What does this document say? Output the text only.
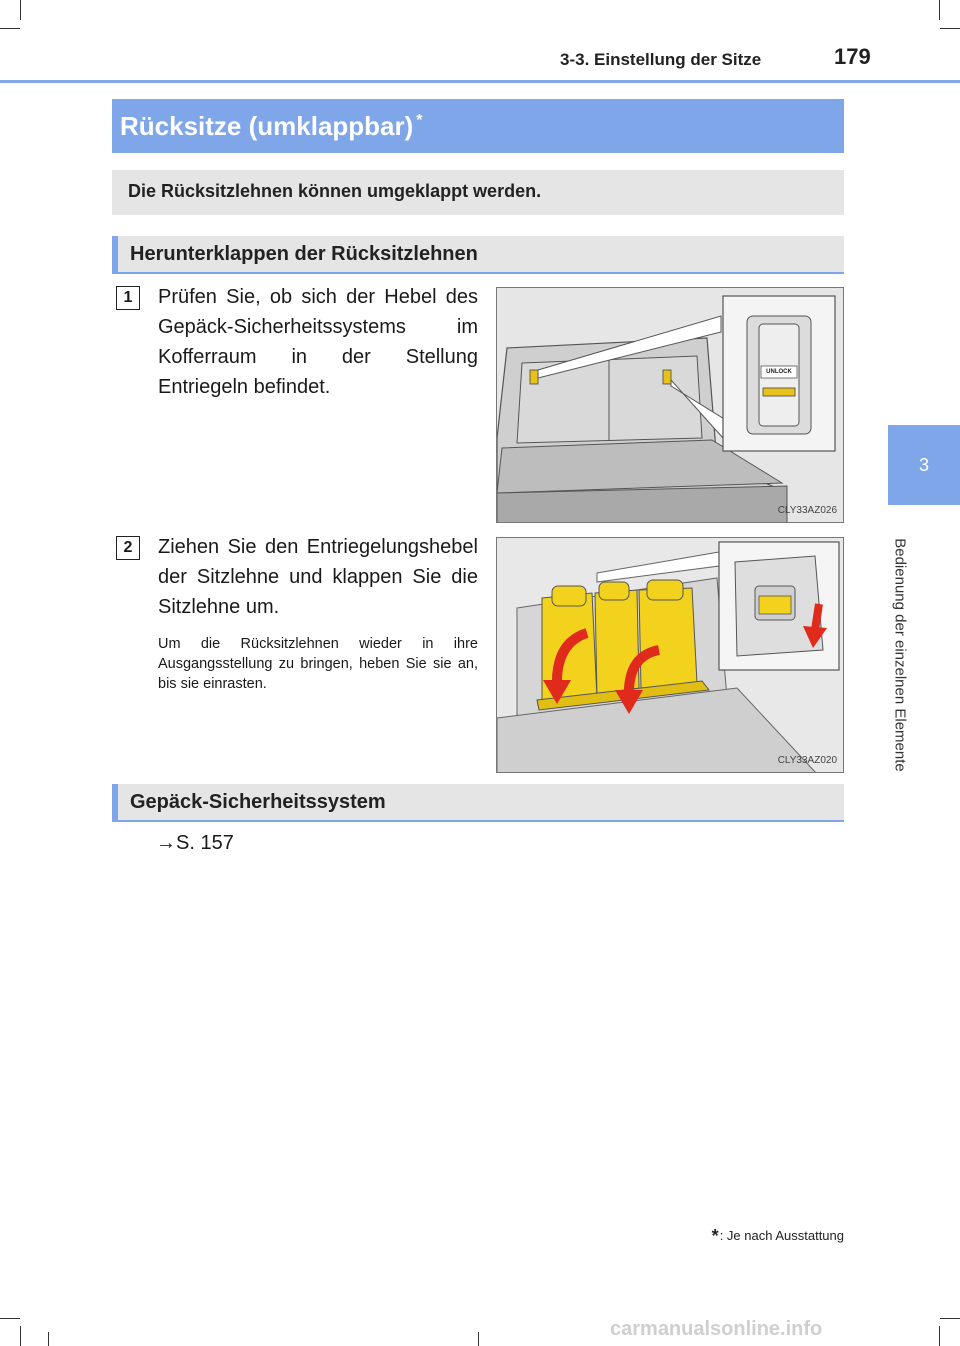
3-3. Einstellung der Sitze	179
3
Bedienung der einzelnen Elemente
Rücksitze (umklappbar) *
Die Rücksitzlehnen können umgeklappt werden.
Herunterklappen der Rücksitzlehnen
1	Prüfen Sie, ob sich der Hebel des Gepäck-Sicherheitssystems im Kofferraum in der Stellung Entriegeln befindet.
UNLOCK
CLY33AZ026
2	Ziehen Sie den Entriegelungshebel der Sitzlehne und klappen Sie die Sitzlehne um.
Um die Rücksitzlehnen wieder in ihre Ausgangsstellung zu bringen, heben Sie sie an, bis sie einrasten.
CLY33AZ020
Gepäck-Sicherheitssystem
→S. 157
*: Je nach Ausstattung
carmanualsonline.info
